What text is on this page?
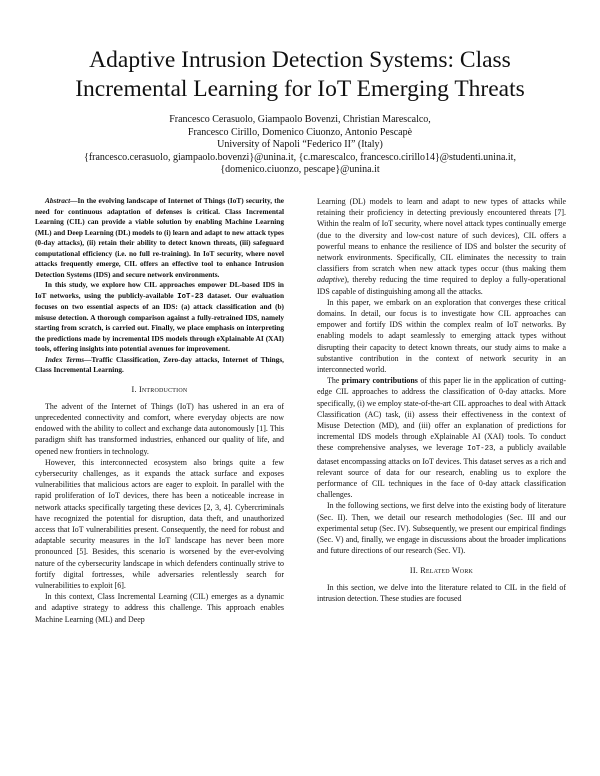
Adaptive Intrusion Detection Systems: Class Incremental Learning for IoT Emerging Threats
Francesco Cerasuolo, Giampaolo Bovenzi, Christian Marescalco,
Francesco Cirillo, Domenico Ciuonzo, Antonio Pescapè
University of Napoli “Federico II” (Italy)
{francesco.cerasuolo, giampaolo.bovenzi}@unina.it, {c.marescalco, francesco.cirillo14}@studenti.unina.it,
{domenico.ciuonzo, pescape}@unina.it

Abstract—In the evolving landscape of Internet of Things (IoT) security, the need for continuous adaptation of defenses is critical. Class Incremental Learning (CIL) can provide a viable solution by enabling Machine Learning (ML) and Deep Learning (DL) models to (i) learn and adapt to new attack types (0-day attacks), (ii) retain their ability to detect known threats, (iii) safeguard computational efficiency (i.e. no full re-training). In IoT security, where novel attacks frequently emerge, CIL offers an effective tool to enhance Intrusion Detection Systems (IDS) and secure network environments.

In this study, we explore how CIL approaches empower DL-based IDS in IoT networks, using the publicly-available IoT-23 dataset. Our evaluation focuses on two essential aspects of an IDS: (a) attack classification and (b) misuse detection. A thorough comparison against a fully-retrained IDS, namely starting from scratch, is carried out. Finally, we place emphasis on interpreting the predictions made by incremental IDS models through eXplainable AI (XAI) tools, offering insights into potential avenues for improvement.

Index Terms—Traffic Classification, Zero-day attacks, Internet of Things, Class Incremental Learning.

I. Introduction

The advent of the Internet of Things (IoT) has ushered in an era of unprecedented connectivity and comfort, where everyday objects are now endowed with the ability to collect and exchange data autonomously [1]. This paradigm shift has transformed industries, enhanced our quality of life, and opened new frontiers in technology.

However, this interconnected ecosystem also brings quite a few cybersecurity challenges, as it expands the attack surface and exposes vulnerabilities that malicious actors are eager to exploit. In parallel with the rapid proliferation of IoT devices, there has been a noticeable increase in network attacks specifically targeting these devices [2, 3, 4]. Cybercriminals have recognized the potential for disruption, data theft, and unauthorized access that IoT vulnerabilities present. Consequently, the need for robust and adaptable security measures in the IoT landscape has never been more pronounced [5]. Besides, this scenario is worsened by the ever-evolving nature of the cybersecurity landscape in which defenders continually strive to fortify digital fortresses, while adversaries relentlessly search for vulnerabilities to exploit [6].

In this context, Class Incremental Learning (CIL) emerges as a dynamic and adaptive strategy to address this challenge. This approach enables Machine Learning (ML) and Deep

Learning (DL) models to learn and adapt to new types of attacks while retaining their proficiency in detecting previously encountered threats [7]. Within the realm of IoT security, where novel attack types continually emerge (due to the diversity and low-cost nature of such devices), CIL offers a powerful means to enhance the resilience of IDS and bolster the security of network environments. Specifically, CIL eliminates the necessity to train classifiers from scratch when new attack types occur (thus making them adaptive), thereby reducing the time required to deploy a fully-operational IDS capable of distinguishing among all the attacks.

In this paper, we embark on an exploration that converges these critical domains. In detail, our focus is to investigate how CIL approaches can empower and fortify IDS within the complex realm of IoT networks. By enabling models to adapt seamlessly to emerging attack types without disrupting their capacity to detect known threats, our study aims to make a substantive contribution in the context of network security in an interconnected world.

The primary contributions of this paper lie in the application of cutting-edge CIL approaches to address the classification of 0-day attacks. More specifically, (i) we employ state-of-the-art CIL approaches to deal with Attack Classification (AC) task, (ii) assess their effectiveness in the context of Misuse Detection (MD), and (iii) offer an explanation of predictions for incremental IDS models through eXplainable AI (XAI) tools. To conduct these comprehensive analyses, we leverage IoT-23, a publicly available dataset encompassing attacks on IoT devices. This dataset serves as a rich and relevant source of data for our research, enabling us to explore the performance of CIL techniques in the face of 0-day attack classification challenges.

In the following sections, we first delve into the existing body of literature (Sec. II). Then, we detail our research methodologies (Sec. III and our experimental setup (Sec. IV). Subsequently, we present our empirical findings (Sec. V) and, finally, we engage in discussions about the broader implications and future directions of our research (Sec. VI).

II. Related Work

In this section, we delve into the literature related to CIL in the field of intrusion detection. These studies are focused
